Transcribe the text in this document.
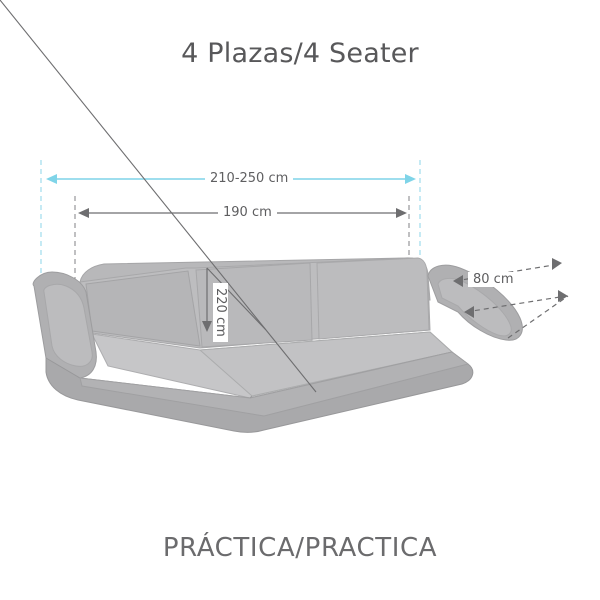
4 Plazas/4 Seater
210-250 cm
190 cm
80 cm
220 cm
PRÁCTICA/PRACTICA
